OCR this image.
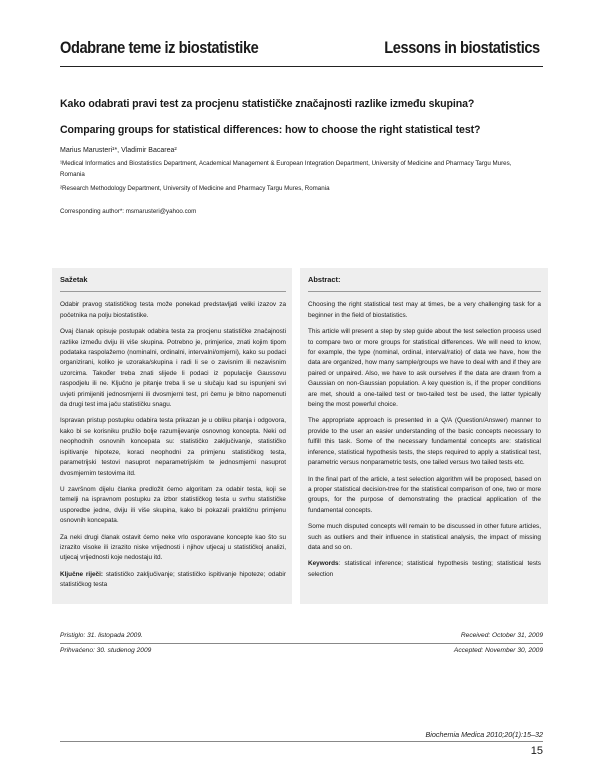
Odabrane teme iz biostatistike	Lessons in biostatistics
Kako odabrati pravi test za procjenu statističke značajnosti razlike između skupina?
Comparing groups for statistical differences: how to choose the right statistical test?
Marius Marusteri¹*, Vladimir Bacarea²
¹Medical Informatics and Biostatistics Department, Academical Management & European Integration Department, University of Medicine and Pharmacy Targu Mures, Romania
²Research Methodology Department, University of Medicine and Pharmacy Targu Mures, Romania
Corresponding author*: msmarusteri@yahoo.com
Sažetak

Odabir pravog statističkog testa može ponekad predstavljati veliki izazov za početnika na polju biostatistike.

Ovaj članak opisuje postupak odabira testa za procjenu statističke značajnosti razlike između dviju ili više skupina. Potrebno je, primjerice, znati kojim tipom podataka raspolažemo (nominalni, ordinalni, intervalni/omjerni), kako su podaci organizirani, koliko je uzoraka/skupina i radi li se o zavisnim ili nezavisnim uzorcima. Također treba znati slijede li podaci iz populacije Gaussovu raspodjelu ili ne. Ključno je pitanje treba li se u slučaju kad su ispunjeni svi uvjeti primijeniti jednosmjerni ili dvosmjerni test, pri čemu je bitno napomenuti da drugi test ima jaču statističku snagu.

Ispravan pristup postupku odabira testa prikazan je u obliku pitanja i odgovora, kako bi se korisniku pružilo bolje razumijevanje osnovnog koncepta. Neki od neophodnih osnovnih koncepata su: statističko zaključivanje, statističko ispitivanje hipoteze, koraci neophodni za primjenu statističkog testa, parametrijski testovi nasuprot neparametrijskim te jednosmjerni nasuprot dvosmjernim testovima itd.

U završnom dijelu članka predložit ćemo algoritam za odabir testa, koji se temelji na ispravnom postupku za izbor statističkog testa u svrhu statističke usporedbe jedne, dviju ili više skupina, kako bi pokazali praktičnu primjenu osnovnih koncepata.

Za neki drugi članak ostavit ćemo neke vrlo osporavane koncepte kao što su izrazito visoke ili izrazito niske vrijednosti i njihov utjecaj u statističkoj analizi, utjecaj vrijednosti koje nedostaju itd.

Ključne riječi: statističko zaključivanje; statističko ispitivanje hipoteze; odabir statističkog testa

Abstract:

Choosing the right statistical test may at times, be a very challenging task for a beginner in the field of biostatistics.

This article will present a step by step guide about the test selection process used to compare two or more groups for statistical differences. We will need to know, for example, the type (nominal, ordinal, interval/ratio) of data we have, how the data are organized, how many sample/groups we have to deal with and if they are paired or unpaired. Also, we have to ask ourselves if the data are drawn from a Gaussian on non-Gaussian population. A key question is, if the proper conditions are met, should a one-tailed test or two-tailed test be used, the latter typically being the most powerful choice.

The appropriate approach is presented in a Q/A (Question/Answer) manner to provide to the user an easier understanding of the basic concepts necessary to fulfill this task. Some of the necessary fundamental concepts are: statistical inference, statistical hypothesis tests, the steps required to apply a statistical test, parametric versus nonparametric tests, one tailed versus two tailed tests etc.

In the final part of the article, a test selection algorithm will be proposed, based on a proper statistical decision-tree for the statistical comparison of one, two or more groups, for the purpose of demonstrating the practical application of the fundamental concepts.

Some much disputed concepts will remain to be discussed in other future articles, such as outliers and their influence in statistical analysis, the impact of missing data and so on.

Keywords: statistical inference; statistical hypothesis testing; statistical tests selection

Pristiglo: 31. listopada 2009.	Received: October 31, 2009
Prihvaćeno: 30. studenog 2009	Accepted: November 30, 2009
Biochemia Medica 2010;20(1):15–32
15
